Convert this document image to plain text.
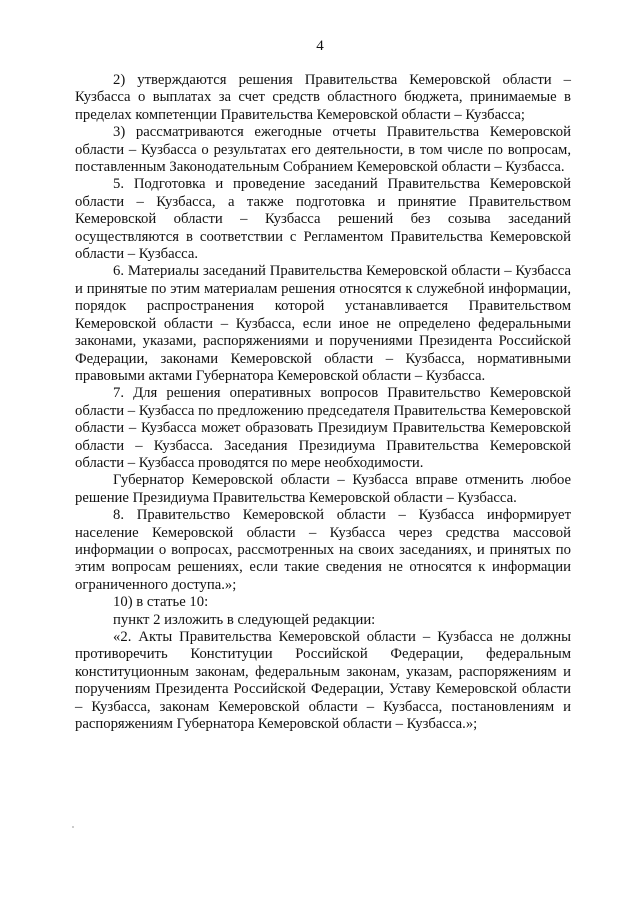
4

2) утверждаются решения Правительства Кемеровской области – Кузбасса о выплатах за счет средств областного бюджета, принимаемые в пределах компетенции Правительства Кемеровской области – Кузбасса;

3) рассматриваются ежегодные отчеты Правительства Кемеровской области – Кузбасса о результатах его деятельности, в том числе по вопросам, поставленным Законодательным Собранием Кемеровской области – Кузбасса.

5. Подготовка и проведение заседаний Правительства Кемеровской области – Кузбасса, а также подготовка и принятие Правительством Кемеровской области – Кузбасса решений без созыва заседаний осуществляются в соответствии с Регламентом Правительства Кемеровской области – Кузбасса.

6. Материалы заседаний Правительства Кемеровской области – Кузбасса и принятые по этим материалам решения относятся к служебной информации, порядок распространения которой устанавливается Правительством Кемеровской области – Кузбасса, если иное не определено федеральными законами, указами, распоряжениями и поручениями Президента Российской Федерации, законами Кемеровской области – Кузбасса, нормативными правовыми актами Губернатора Кемеровской области – Кузбасса.

7. Для решения оперативных вопросов Правительство Кемеровской области – Кузбасса по предложению председателя Правительства Кемеровской области – Кузбасса может образовать Президиум Правительства Кемеровской области – Кузбасса. Заседания Президиума Правительства Кемеровской области – Кузбасса проводятся по мере необходимости.

Губернатор Кемеровской области – Кузбасса вправе отменить любое решение Президиума Правительства Кемеровской области – Кузбасса.

8. Правительство Кемеровской области – Кузбасса информирует население Кемеровской области – Кузбасса через средства массовой информации о вопросах, рассмотренных на своих заседаниях, и принятых по этим вопросам решениях, если такие сведения не относятся к информации ограниченного доступа.»;

10) в статье 10:

пункт 2 изложить в следующей редакции:

«2. Акты Правительства Кемеровской области – Кузбасса не должны противоречить Конституции Российской Федерации, федеральным конституционным законам, федеральным законам, указам, распоряжениям и поручениям Президента Российской Федерации, Уставу Кемеровской области – Кузбасса, законам Кемеровской области – Кузбасса, постановлениям и распоряжениям Губернатора Кемеровской области – Кузбасса.»;
